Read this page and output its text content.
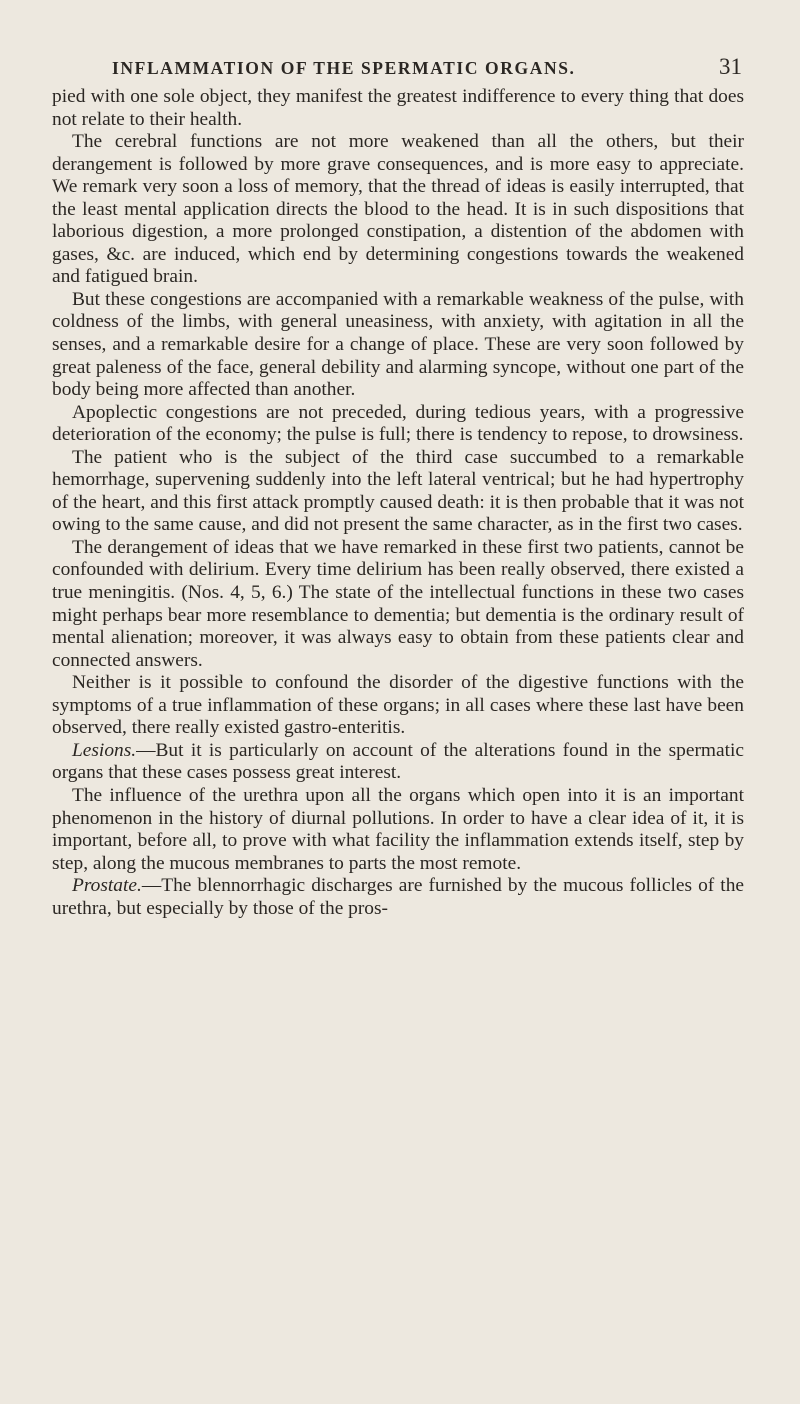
INFLAMMATION OF THE SPERMATIC ORGANS.	31

pied with one sole object, they manifest the greatest indifference to every thing that does not relate to their health.

The cerebral functions are not more weakened than all the others, but their derangement is followed by more grave consequences, and is more easy to appreciate. We remark very soon a loss of memory, that the thread of ideas is easily interrupted, that the least mental application directs the blood to the head. It is in such dispositions that laborious digestion, a more prolonged constipation, a distention of the abdomen with gases, &c. are induced, which end by determining congestions towards the weakened and fatigued brain.

But these congestions are accompanied with a remarkable weakness of the pulse, with coldness of the limbs, with general uneasiness, with anxiety, with agitation in all the senses, and a remarkable desire for a change of place. These are very soon followed by great paleness of the face, general debility and alarming syncope, without one part of the body being more affected than another.

Apoplectic congestions are not preceded, during tedious years, with a progressive deterioration of the economy; the pulse is full; there is tendency to repose, to drowsiness.

The patient who is the subject of the third case succumbed to a remarkable hemorrhage, supervening suddenly into the left lateral ventrical; but he had hypertrophy of the heart, and this first attack promptly caused death: it is then probable that it was not owing to the same cause, and did not present the same character, as in the first two cases.

The derangement of ideas that we have remarked in these first two patients, cannot be confounded with delirium. Every time delirium has been really observed, there existed a true meningitis. (Nos. 4, 5, 6.) The state of the intellectual functions in these two cases might perhaps bear more resemblance to dementia; but dementia is the ordinary result of mental alienation; moreover, it was always easy to obtain from these patients clear and connected answers.

Neither is it possible to confound the disorder of the digestive functions with the symptoms of a true inflammation of these organs; in all cases where these last have been observed, there really existed gastro-enteritis.

Lesions.—But it is particularly on account of the alterations found in the spermatic organs that these cases possess great interest.

The influence of the urethra upon all the organs which open into it is an important phenomenon in the history of diurnal pollutions. In order to have a clear idea of it, it is important, before all, to prove with what facility the inflammation extends itself, step by step, along the mucous membranes to parts the most remote.

Prostate.—The blennorrhagic discharges are furnished by the mucous follicles of the urethra, but especially by those of the pros-
